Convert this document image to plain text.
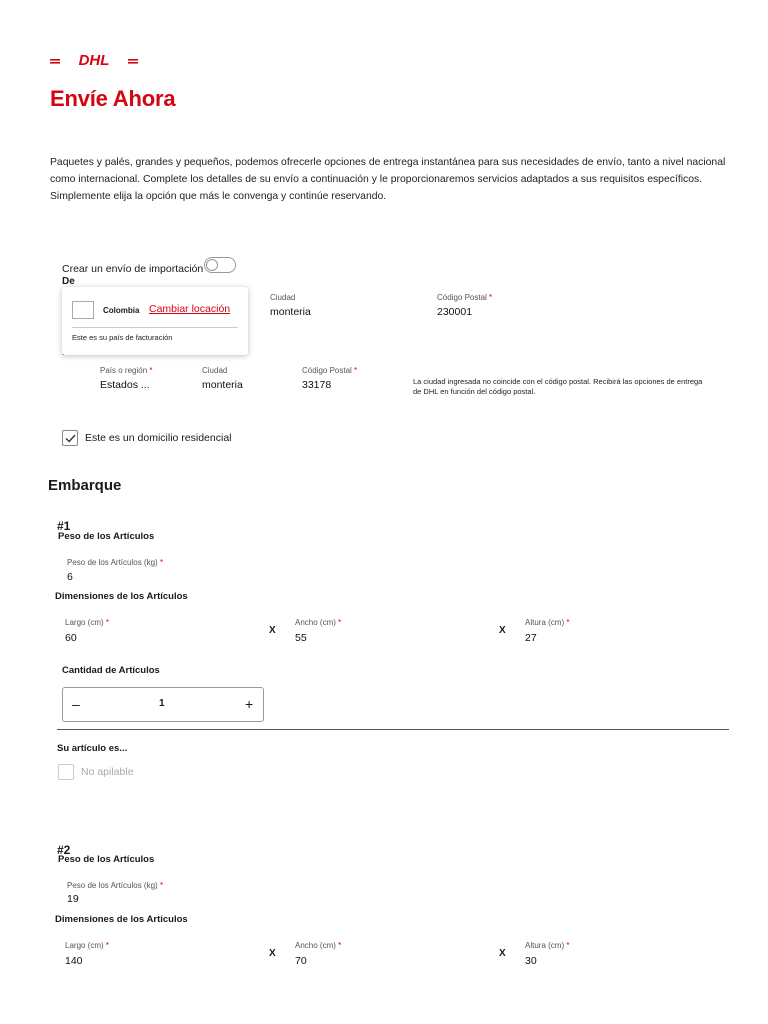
DHL
Envíe Ahora
Paquetes y palés, grandes y pequeños, podemos ofrecerle opciones de entrega instantánea para sus necesidades de envío, tanto a nivel nacional como internacional. Complete los detalles de su envío a continuación y le proporcionaremos servicios adaptados a sus requisitos específicos. Simplemente elija la opción que más le convenga y continúe reservando.
Crear un envío de importación
De
Ciudad
monteria
Código Postal *
230001
Colombia Cambiar locación
Este es su país de facturación
País o región *
Estados ...
Ciudad
monteria
Código Postal *
33178	La ciudad ingresada no coincide con el código postal. Recibirá las opciones de entrega de DHL en función del código postal.
Este es un domicilio residencial
Embarque
#1
Peso de los Artículos
Peso de los Artículos (kg) *
6
Dimensiones de los Artículos
Largo (cm) *
60
X
Ancho (cm) *
55
X
Altura (cm) *
27
Cantidad de Artículos
–	1	+
Su artículo es...
No apilable
#2
Peso de los Artículos
Peso de los Artículos (kg) *
19
Dimensiones de los Artículos
Largo (cm) *
140
X
Ancho (cm) *
70
X
Altura (cm) *
30
